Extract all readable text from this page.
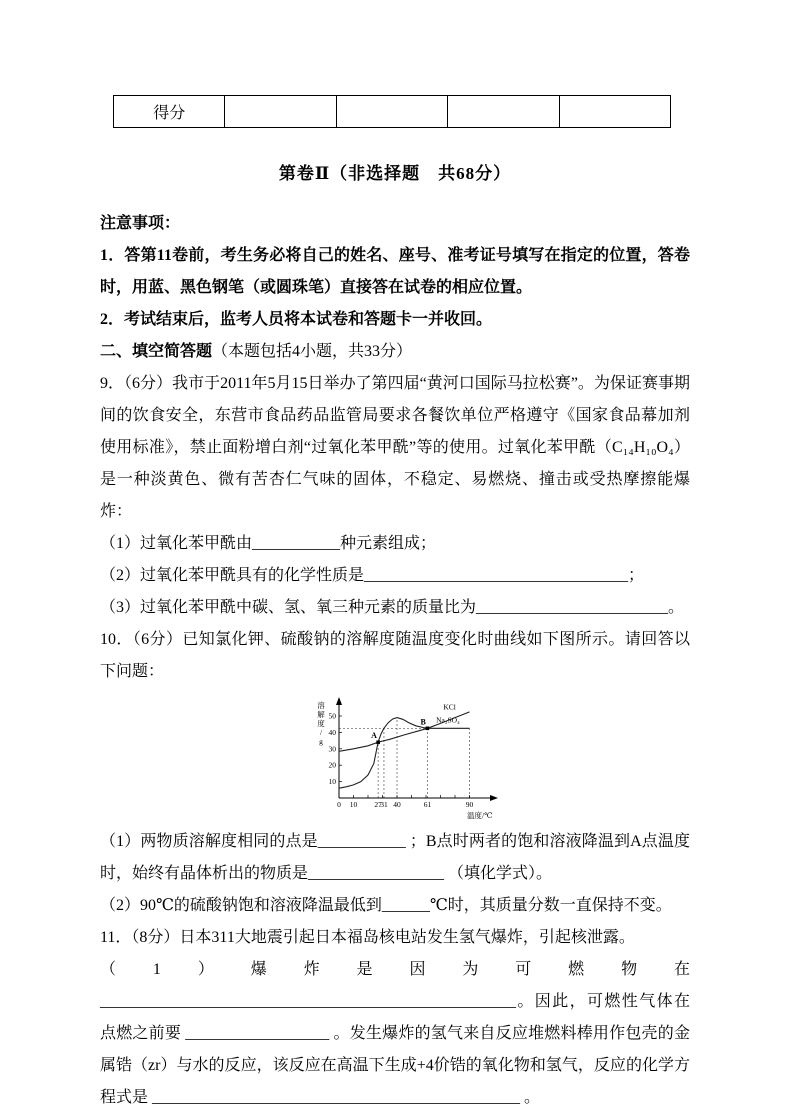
得分				
第卷Ⅱ（非选择题　共68分）

注意事项：

1．答第11卷前，考生务必将自己的姓名、座号、准考证号填写在指定的位置，答卷时，用蓝、黑色钢笔（或圆珠笔）直接答在试卷的相应位置。

2．考试结束后，监考人员将本试卷和答题卡一并收回。

二、填空简答题（本题包括4小题，共33分）

9．（6分）我市于2011年5月15日举办了第四届“黄河口国际马拉松赛”。为保证赛事期间的饮食安全，东营市食品药品监管局要求各餐饮单位严格遵守《国家食品幕加剂使用标准》，禁止面粉增白剂“过氧化苯甲酰”等的使用。过氧化苯甲酰（C₁₄H₁₀O₄）是一种淡黄色、微有苦杏仁气味的固体，不稳定、易燃烧、撞击或受热摩擦能爆炸：

（1）过氧化苯甲酰由___________种元素组成；

（2）过氧化苯甲酰具有的化学性质是_________________________________；

（3）过氧化苯甲酰中碳、氢、氧三种元素的质量比为________________________。

10．（6分）已知氯化钾、硫酸钠的溶解度随温度变化时曲线如下图所示。请回答以下问题：

0 10 27
31 40	61	90
10
20
30
40
50
KCl
Na₂SO₄
A
B
温度/℃
溶
解
度
/
g

（1）两物质溶解度相同的点是___________ ；B点时两者的饱和溶液降温到A点温度时，始终有晶体析出的物质是_________________ （填化学式）。

（2）90℃的硫酸钠饱和溶液降温最低到______℃时，其质量分数一直保持不变。

11．（8分）日本311大地震引起日本福岛核电站发生氢气爆炸，引起核泄露。

（1）爆炸是因为可燃物在____________________________________________________。因此，可燃性气体在点燃之前要 __________________ 。发生爆炸的氢气来自反应堆燃料棒用作包壳的金属锆（zr）与水的反应，该反应在高温下生成+4价锆的氧化物和氢气，反应的化学方程式是 ______________________________________________ 。
